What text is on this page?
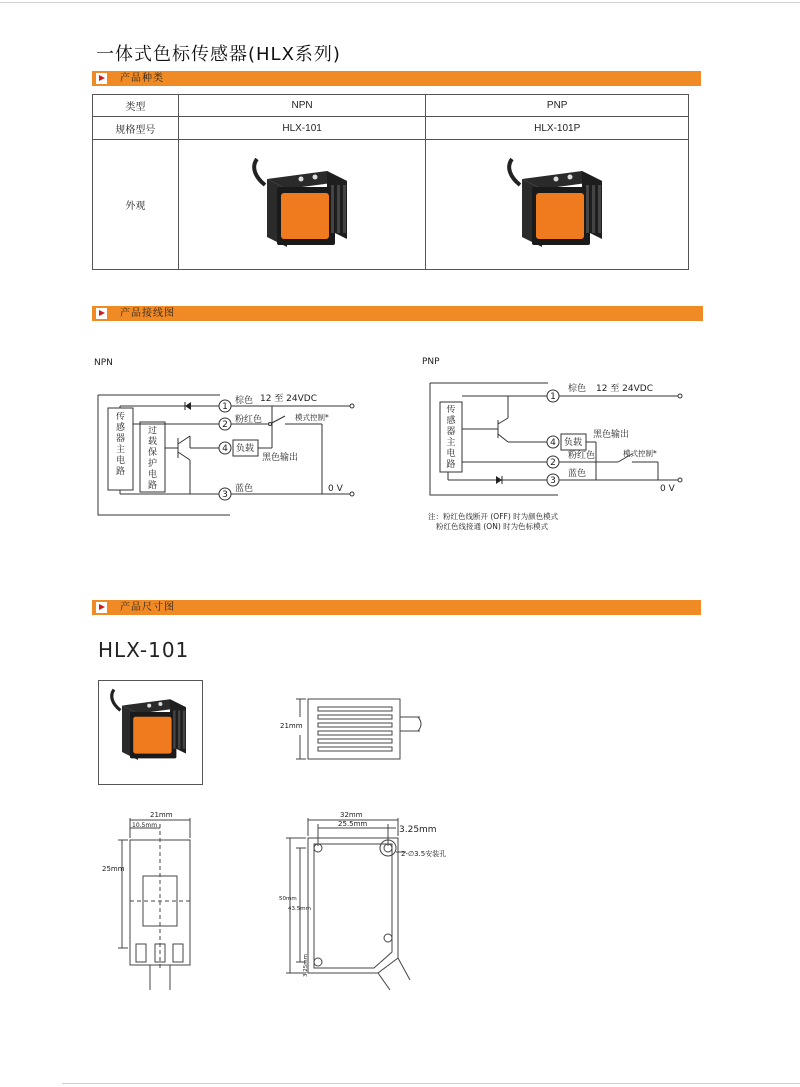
一体式色标传感器(HLX系列)
产品种类
类型	NPN	PNP
规格型号	HLX-101	HLX-101P
外观		
产品接线图
NPN
1
2
4
3
棕色 12 至 24VDC
粉红色	模式控制*
负载
黑色输出
蓝色	0 V
传感器主电路
过载保护电路
PNP
1
4
2
3
棕色 12 至 24VDC
负载
黑色输出
粉红色	模式控制*
蓝色
0 V
注：粉红色线断开 (OFF) 时为颜色模式
粉红色线接通 (ON) 时为色标模式
传感器主电路
产品尺寸图
HLX-101
21mm
21mm
10.5mm
25mm
32mm
25.5mm
3.25mm
2-∅3.5安装孔
50mm
43.5mm
3.25mm
